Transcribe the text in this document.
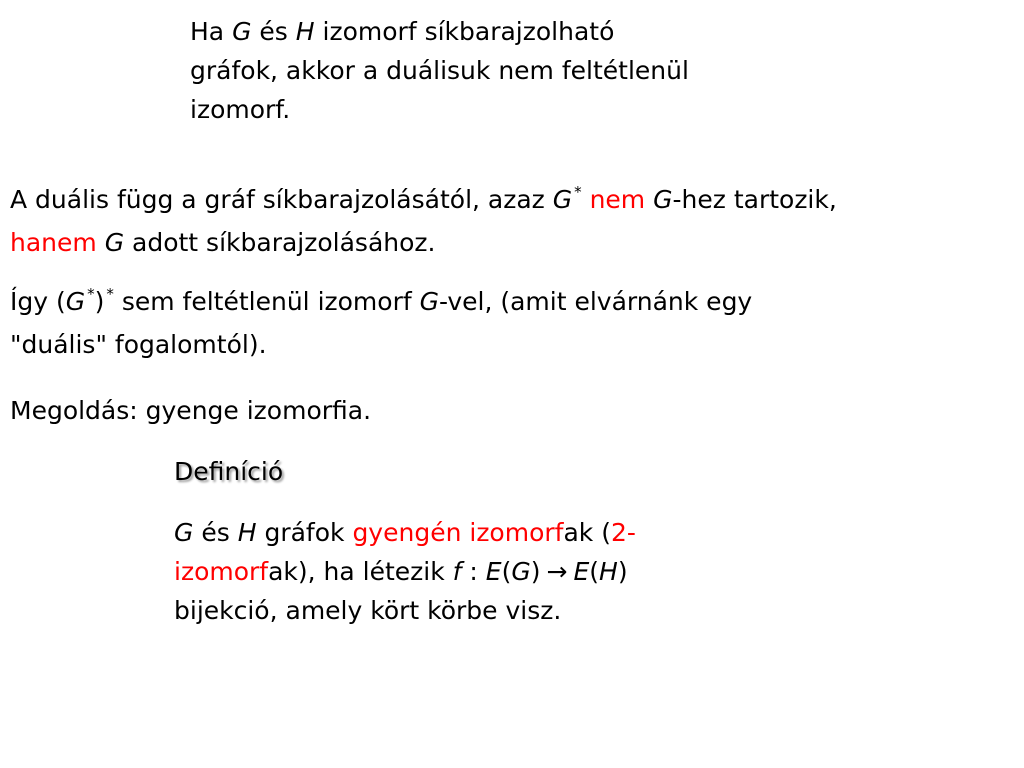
Ha G és H izomorf síkbarajzolható
gráfok, akkor a duálisuk nem feltétlenül
izomorf.
A duális függ a gráf síkbarajzolásától, azaz G * nem G-hez tartozik,
hanem G adott síkbarajzolásához.
Így (G *) * sem feltétlenül izomorf G-vel, (amit elvárnánk egy
"duális" fogalomtól).
Megoldás: gyenge izomorfia.
Definíció
G és H gráfok gyengén izomorfak (2-
izomorfak), ha létezik f : E(G) → E(H)
bijekció, amely kört körbe visz.
